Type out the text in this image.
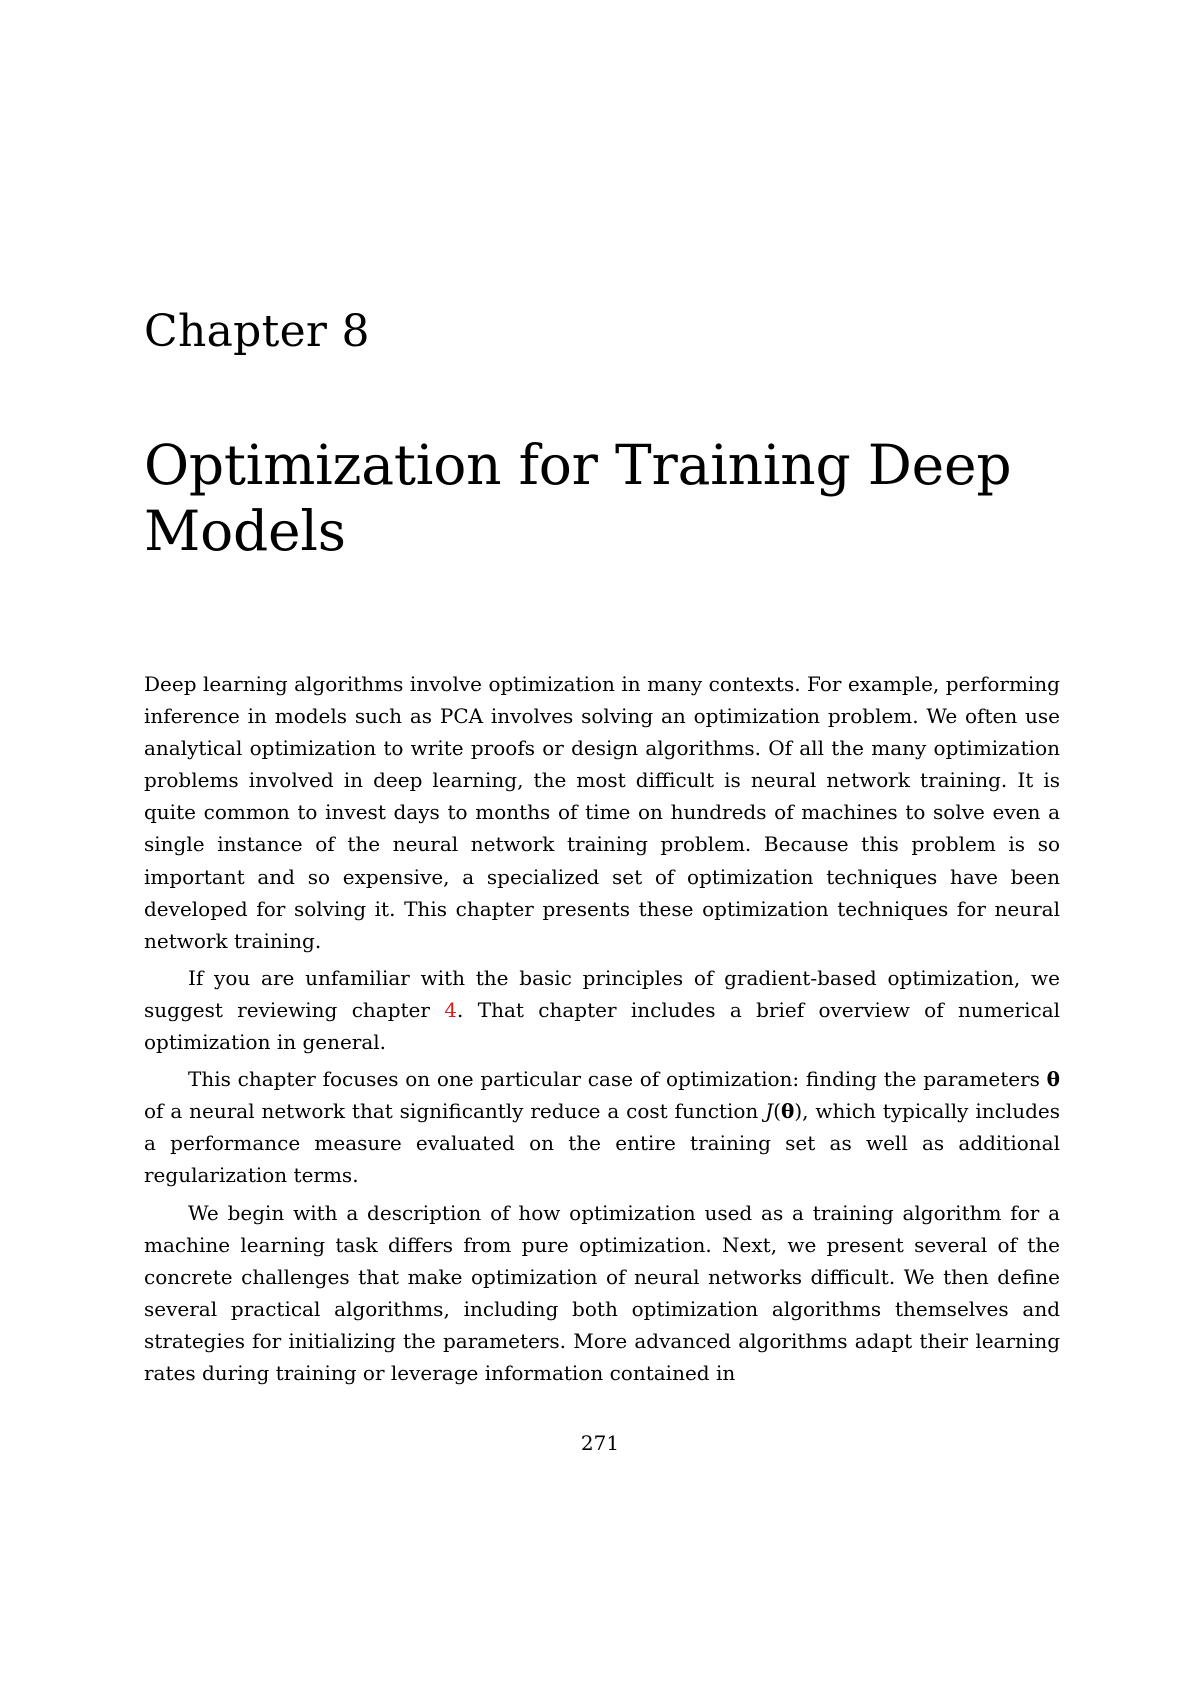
Chapter 8
Optimization for Training Deep Models

Deep learning algorithms involve optimization in many contexts. For example, performing inference in models such as PCA involves solving an optimization problem. We often use analytical optimization to write proofs or design algorithms. Of all the many optimization problems involved in deep learning, the most difficult is neural network training. It is quite common to invest days to months of time on hundreds of machines to solve even a single instance of the neural network training problem. Because this problem is so important and so expensive, a specialized set of optimization techniques have been developed for solving it. This chapter presents these optimization techniques for neural network training.

If you are unfamiliar with the basic principles of gradient-based optimization, we suggest reviewing chapter 4. That chapter includes a brief overview of numerical optimization in general.

This chapter focuses on one particular case of optimization: finding the parameters θ of a neural network that significantly reduce a cost function J(θ), which typically includes a performance measure evaluated on the entire training set as well as additional regularization terms.

We begin with a description of how optimization used as a training algorithm for a machine learning task differs from pure optimization. Next, we present several of the concrete challenges that make optimization of neural networks difficult. We then define several practical algorithms, including both optimization algorithms themselves and strategies for initializing the parameters. More advanced algorithms adapt their learning rates during training or leverage information contained in

271
